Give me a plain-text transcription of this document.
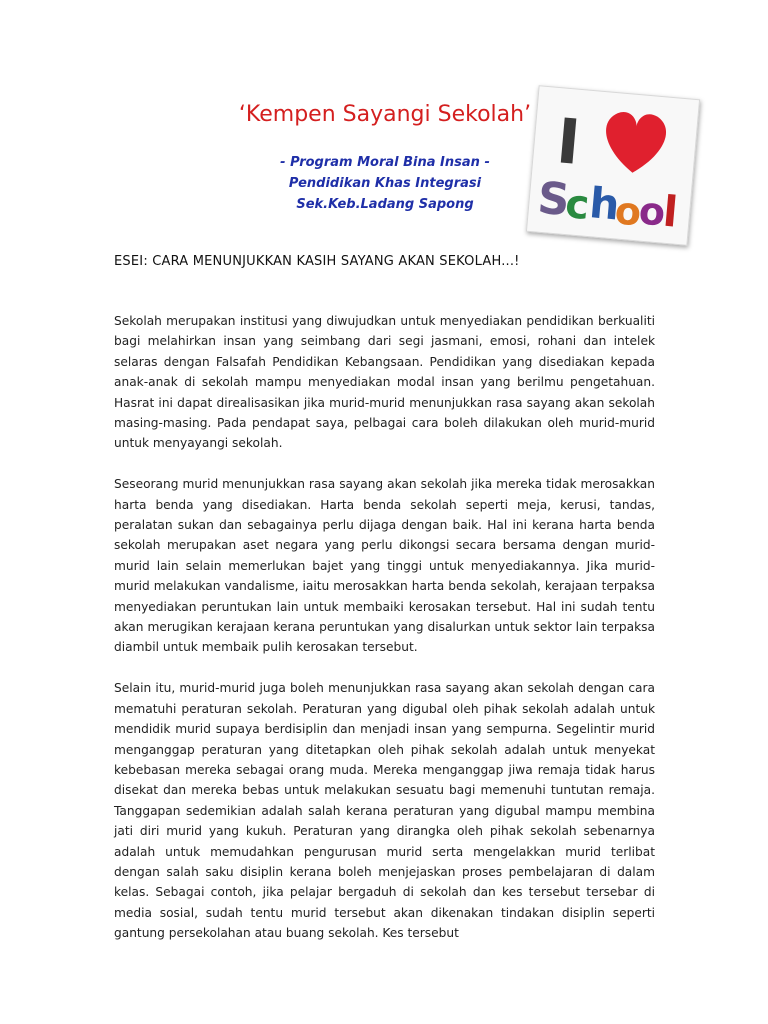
‘Kempen Sayangi Sekolah’
- Program Moral Bina Insan -
Pendidikan Khas Integrasi
Sek.Keb.Ladang Sapong
I
S
c
h
o
o
l
ESEI: CARA MENUNJUKKAN KASIH SAYANG AKAN SEKOLAH...!

Sekolah merupakan institusi yang diwujudkan untuk menyediakan pendidikan berkualiti bagi melahirkan insan yang seimbang dari segi jasmani, emosi, rohani dan intelek selaras dengan Falsafah Pendidikan Kebangsaan. Pendidikan yang disediakan kepada anak-anak di sekolah mampu menyediakan modal insan yang berilmu pengetahuan. Hasrat ini dapat direalisasikan jika murid-murid menunjukkan rasa sayang akan sekolah masing-masing. Pada pendapat saya, pelbagai cara boleh dilakukan oleh murid-murid untuk menyayangi sekolah.

Seseorang murid menunjukkan rasa sayang akan sekolah jika mereka tidak merosakkan harta benda yang disediakan. Harta benda sekolah seperti meja, kerusi, tandas, peralatan sukan dan sebagainya perlu dijaga dengan baik. Hal ini kerana harta benda sekolah merupakan aset negara yang perlu dikongsi secara bersama dengan murid-murid lain selain memerlukan bajet yang tinggi untuk menyediakannya. Jika murid-murid melakukan vandalisme, iaitu merosakkan harta benda sekolah, kerajaan terpaksa menyediakan peruntukan lain untuk membaiki kerosakan tersebut. Hal ini sudah tentu akan merugikan kerajaan kerana peruntukan yang disalurkan untuk sektor lain terpaksa diambil untuk membaik pulih kerosakan tersebut.

Selain itu, murid-murid juga boleh menunjukkan rasa sayang akan sekolah dengan cara mematuhi peraturan sekolah. Peraturan yang digubal oleh pihak sekolah adalah untuk mendidik murid supaya berdisiplin dan menjadi insan yang sempurna. Segelintir murid menganggap peraturan yang ditetapkan oleh pihak sekolah adalah untuk menyekat kebebasan mereka sebagai orang muda. Mereka menganggap jiwa remaja tidak harus disekat dan mereka bebas untuk melakukan sesuatu bagi memenuhi tuntutan remaja. Tanggapan sedemikian adalah salah kerana peraturan yang digubal mampu membina jati diri murid yang kukuh. Peraturan yang dirangka oleh pihak sekolah sebenarnya adalah untuk memudahkan pengurusan murid serta mengelakkan murid terlibat dengan salah saku disiplin kerana boleh menjejaskan proses pembelajaran di dalam kelas. Sebagai contoh, jika pelajar bergaduh di sekolah dan kes tersebut tersebar di media sosial, sudah tentu murid tersebut akan dikenakan tindakan disiplin seperti gantung persekolahan atau buang sekolah. Kes tersebut
